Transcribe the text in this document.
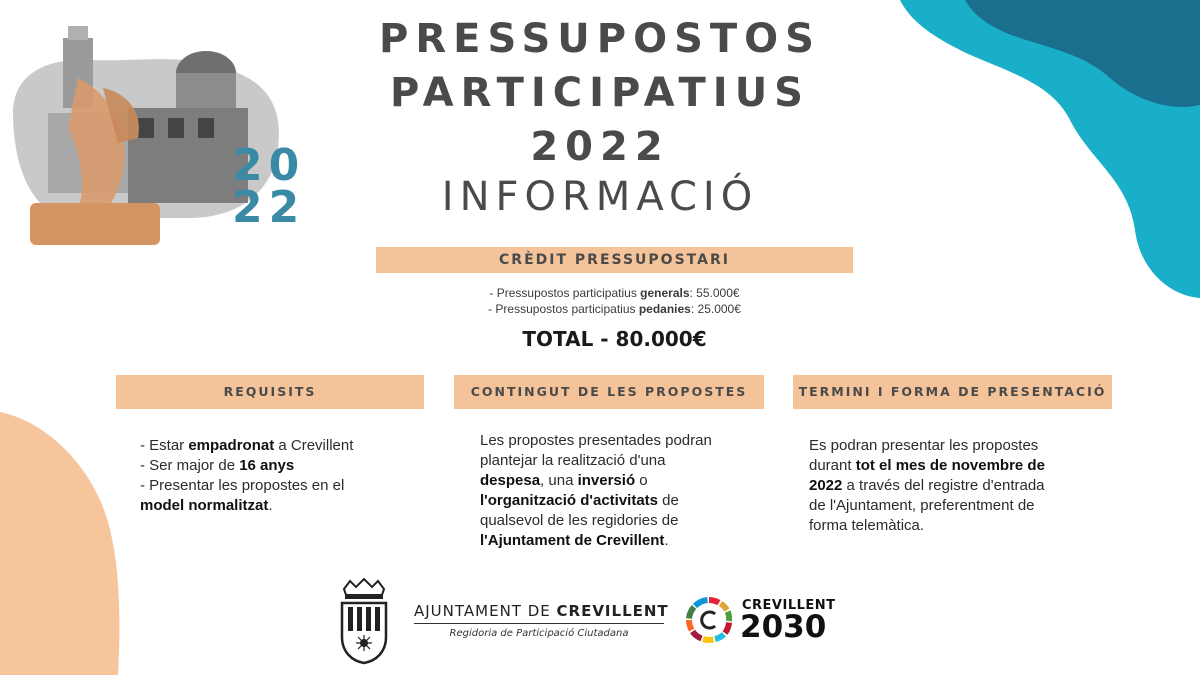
20
22
PRESSUPOSTOS
PARTICIPATIUS
2022
INFORMACIÓ
CRÈDIT PRESSUPOSTARI
- Pressupostos participatius generals: 55.000€
- Pressupostos participatius pedanies: 25.000€
TOTAL - 80.000€
REQUISITS	CONTINGUT DE LES PROPOSTES	TERMINI I FORMA DE PRESENTACIÓ
- Estar empadronat a Crevillent
- Ser major de 16 anys
- Presentar les propostes en el
model normalitzat.
Les propostes presentades podran
plantejar la realització d'una
despesa, una inversió o
l'organització d'activitats de
qualsevol de les regidories de
l'Ajuntament de Crevillent.
Es podran presentar les propostes
durant tot el mes de novembre de
2022 a través del registre d'entrada
de l'Ajuntament, preferentment de
forma telemàtica.
AJUNTAMENT DE CREVILLENT
Regidoria de Participació Ciutadana
CREVILLENT
2030
